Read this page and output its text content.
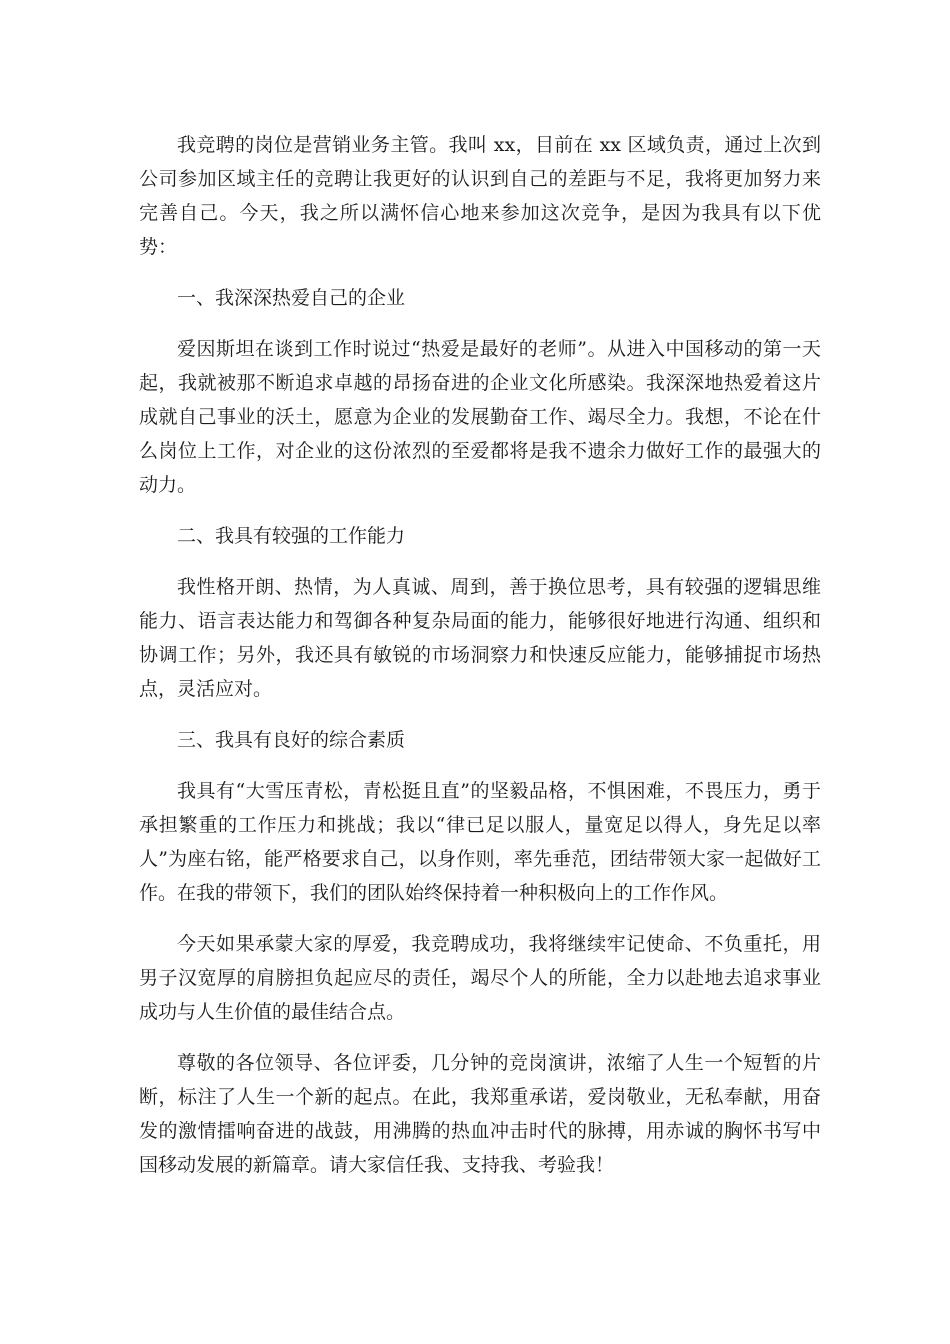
我竞聘的岗位是营销业务主管。我叫 xx，目前在 xx 区域负责，通过上次到公司参加区域主任的竞聘让我更好的认识到自己的差距与不足，我将更加努力来完善自己。今天，我之所以满怀信心地来参加这次竞争，是因为我具有以下优势：

一、我深深热爱自己的企业

爱因斯坦在谈到工作时说过“热爱是最好的老师”。从进入中国移动的第一天起，我就被那不断追求卓越的昂扬奋进的企业文化所感染。我深深地热爱着这片成就自己事业的沃土，愿意为企业的发展勤奋工作、竭尽全力。我想，不论在什么岗位上工作，对企业的这份浓烈的至爱都将是我不遗余力做好工作的最强大的动力。

二、我具有较强的工作能力

我性格开朗、热情，为人真诚、周到，善于换位思考，具有较强的逻辑思维能力、语言表达能力和驾御各种复杂局面的能力，能够很好地进行沟通、组织和协调工作；另外，我还具有敏锐的市场洞察力和快速反应能力，能够捕捉市场热点，灵活应对。

三、我具有良好的综合素质

我具有“大雪压青松，青松挺且直”的坚毅品格，不惧困难，不畏压力，勇于承担繁重的工作压力和挑战；我以“律已足以服人，量宽足以得人，身先足以率人”为座右铭，能严格要求自己，以身作则，率先垂范，团结带领大家一起做好工作。在我的带领下，我们的团队始终保持着一种积极向上的工作作风。

今天如果承蒙大家的厚爱，我竞聘成功，我将继续牢记使命、不负重托，用男子汉宽厚的肩膀担负起应尽的责任，竭尽个人的所能，全力以赴地去追求事业成功与人生价值的最佳结合点。

尊敬的各位领导、各位评委，几分钟的竞岗演讲，浓缩了人生一个短暂的片断，标注了人生一个新的起点。在此，我郑重承诺，爱岗敬业，无私奉献，用奋发的激情擂响奋进的战鼓，用沸腾的热血冲击时代的脉搏，用赤诚的胸怀书写中国移动发展的新篇章。请大家信任我、支持我、考验我！
